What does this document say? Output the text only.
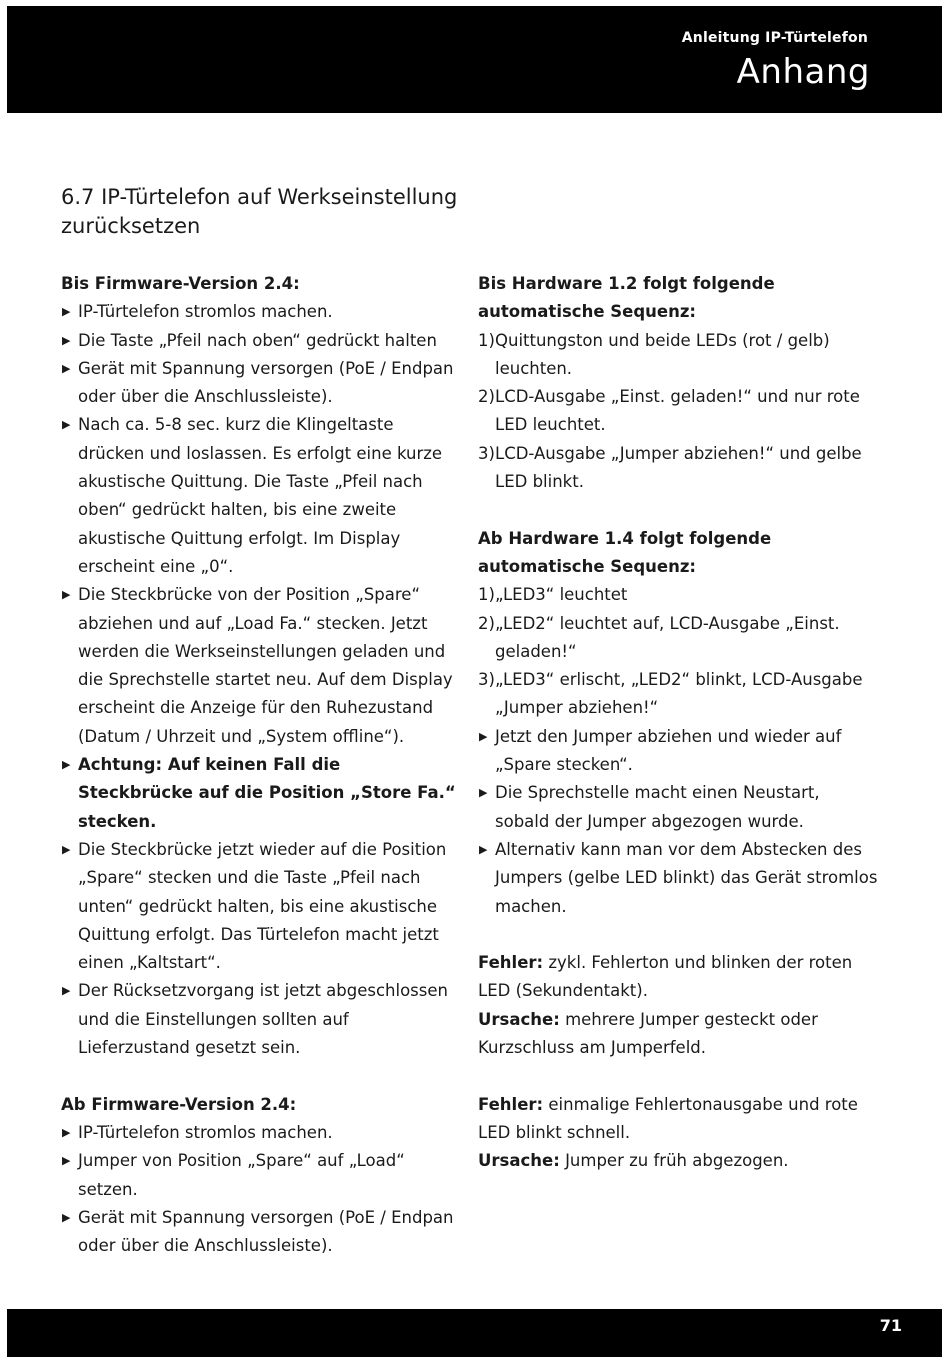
Anleitung IP-Türtelefon
Anhang
6.7 IP-Türtelefon auf Werkseinstellung zurücksetzen

Bis Firmware-Version 2.4:

▶ IP-Türtelefon stromlos machen.
▶ Die Taste „Pfeil nach oben“ gedrückt halten
▶ Gerät mit Spannung versorgen (PoE / Endpan oder über die Anschlussleiste).
▶ Nach ca. 5-8 sec. kurz die Klingeltaste drücken und loslassen. Es erfolgt eine kurze akustische Quittung. Die Taste „Pfeil nach oben“ gedrückt halten, bis eine zweite akustische Quittung erfolgt. Im Display erscheint eine „0“.
▶ Die Steckbrücke von der Position „Spare“ abziehen und auf „Load Fa.“ stecken. Jetzt werden die Werkseinstellungen geladen und die Sprechstelle startet neu. Auf dem Display erscheint die Anzeige für den Ruhezustand (Datum / Uhrzeit und „System offline“).
▶ Achtung: Auf keinen Fall die Steckbrücke auf die Position „Store Fa.“ stecken.
▶ Die Steckbrücke jetzt wieder auf die Position „Spare“ stecken und die Taste „Pfeil nach unten“ gedrückt halten, bis eine akustische Quittung erfolgt. Das Türtelefon macht jetzt einen „Kaltstart“.
▶ Der Rücksetzvorgang ist jetzt abgeschlossen und die Einstellungen sollten auf Lieferzustand gesetzt sein.

Ab Firmware-Version 2.4:

▶ IP-Türtelefon stromlos machen.
▶ Jumper von Position „Spare“ auf „Load“ setzen.
▶ Gerät mit Spannung versorgen (PoE / Endpan oder über die Anschlussleiste).

Bis Hardware 1.2 folgt folgende automatische Sequenz:

1) Quittungston und beide LEDs (rot / gelb) leuchten.
2) LCD-Ausgabe „Einst. geladen!“ und nur rote LED leuchtet.
3) LCD-Ausgabe „Jumper abziehen!“ und gelbe LED blinkt.

Ab Hardware 1.4 folgt folgende automatische Sequenz:

1) „LED3“ leuchtet
2) „LED2“ leuchtet auf, LCD-Ausgabe „Einst. geladen!“
3) „LED3“ erlischt, „LED2“ blinkt, LCD-Ausgabe „Jumper abziehen!“
▶ Jetzt den Jumper abziehen und wieder auf „Spare stecken“.
▶ Die Sprechstelle macht einen Neustart, sobald der Jumper abgezogen wurde.
▶ Alternativ kann man vor dem Abstecken des Jumpers (gelbe LED blinkt) das Gerät stromlos machen.

Fehler: zykl. Fehlerton und blinken der roten LED (Sekundentakt).

Ursache: mehrere Jumper gesteckt oder Kurzschluss am Jumperfeld.

Fehler: einmalige Fehlertonausgabe und rote LED blinkt schnell.

Ursache: Jumper zu früh abgezogen.

71
